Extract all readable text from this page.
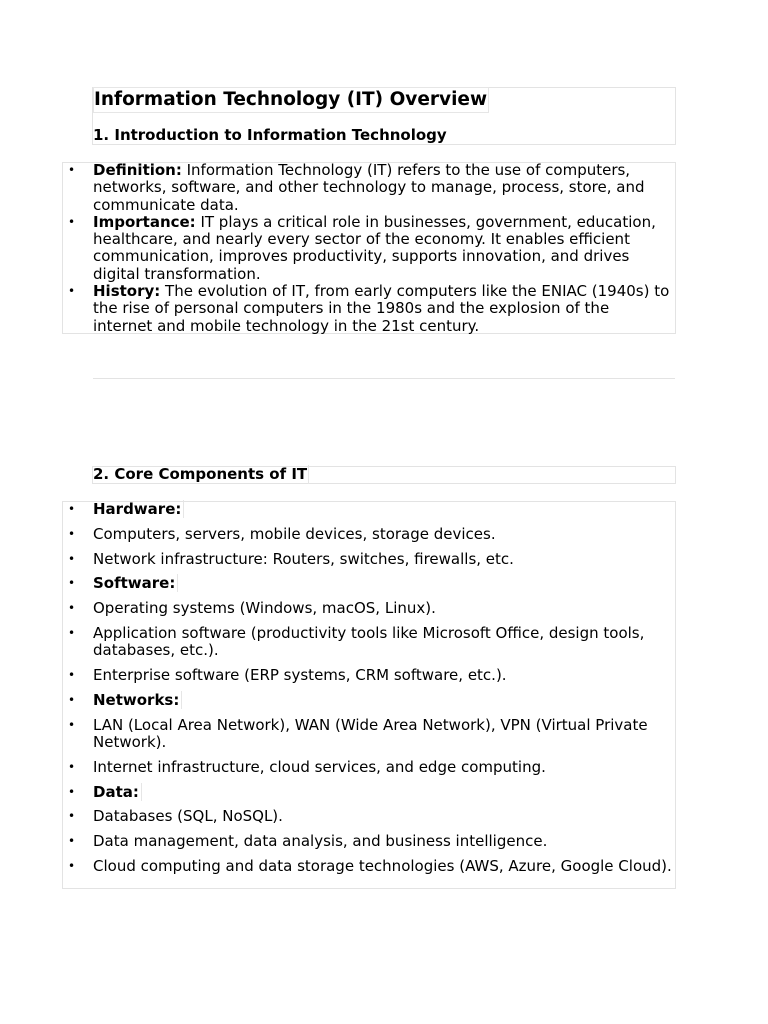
Information Technology (IT) Overview
1. Introduction to Information Technology
• Definition: Information Technology (IT) refers to the use of computers, networks, software, and other technology to manage, process, store, and communicate data.
• Importance: IT plays a critical role in businesses, government, education, healthcare, and nearly every sector of the economy. It enables efficient communication, improves productivity, supports innovation, and drives digital transformation.
• History: The evolution of IT, from early computers like the ENIAC (1940s) to the rise of personal computers in the 1980s and the explosion of the internet and mobile technology in the 21st century.
2. Core Components of IT
• Hardware:
• Computers, servers, mobile devices, storage devices.
• Network infrastructure: Routers, switches, firewalls, etc.
• Software:
• Operating systems (Windows, macOS, Linux).
• Application software (productivity tools like Microsoft Office, design tools, databases, etc.).
• Enterprise software (ERP systems, CRM software, etc.).
• Networks:
• LAN (Local Area Network), WAN (Wide Area Network), VPN (Virtual Private Network).
• Internet infrastructure, cloud services, and edge computing.
• Data:
• Databases (SQL, NoSQL).
• Data management, data analysis, and business intelligence.
• Cloud computing and data storage technologies (AWS, Azure, Google Cloud).
